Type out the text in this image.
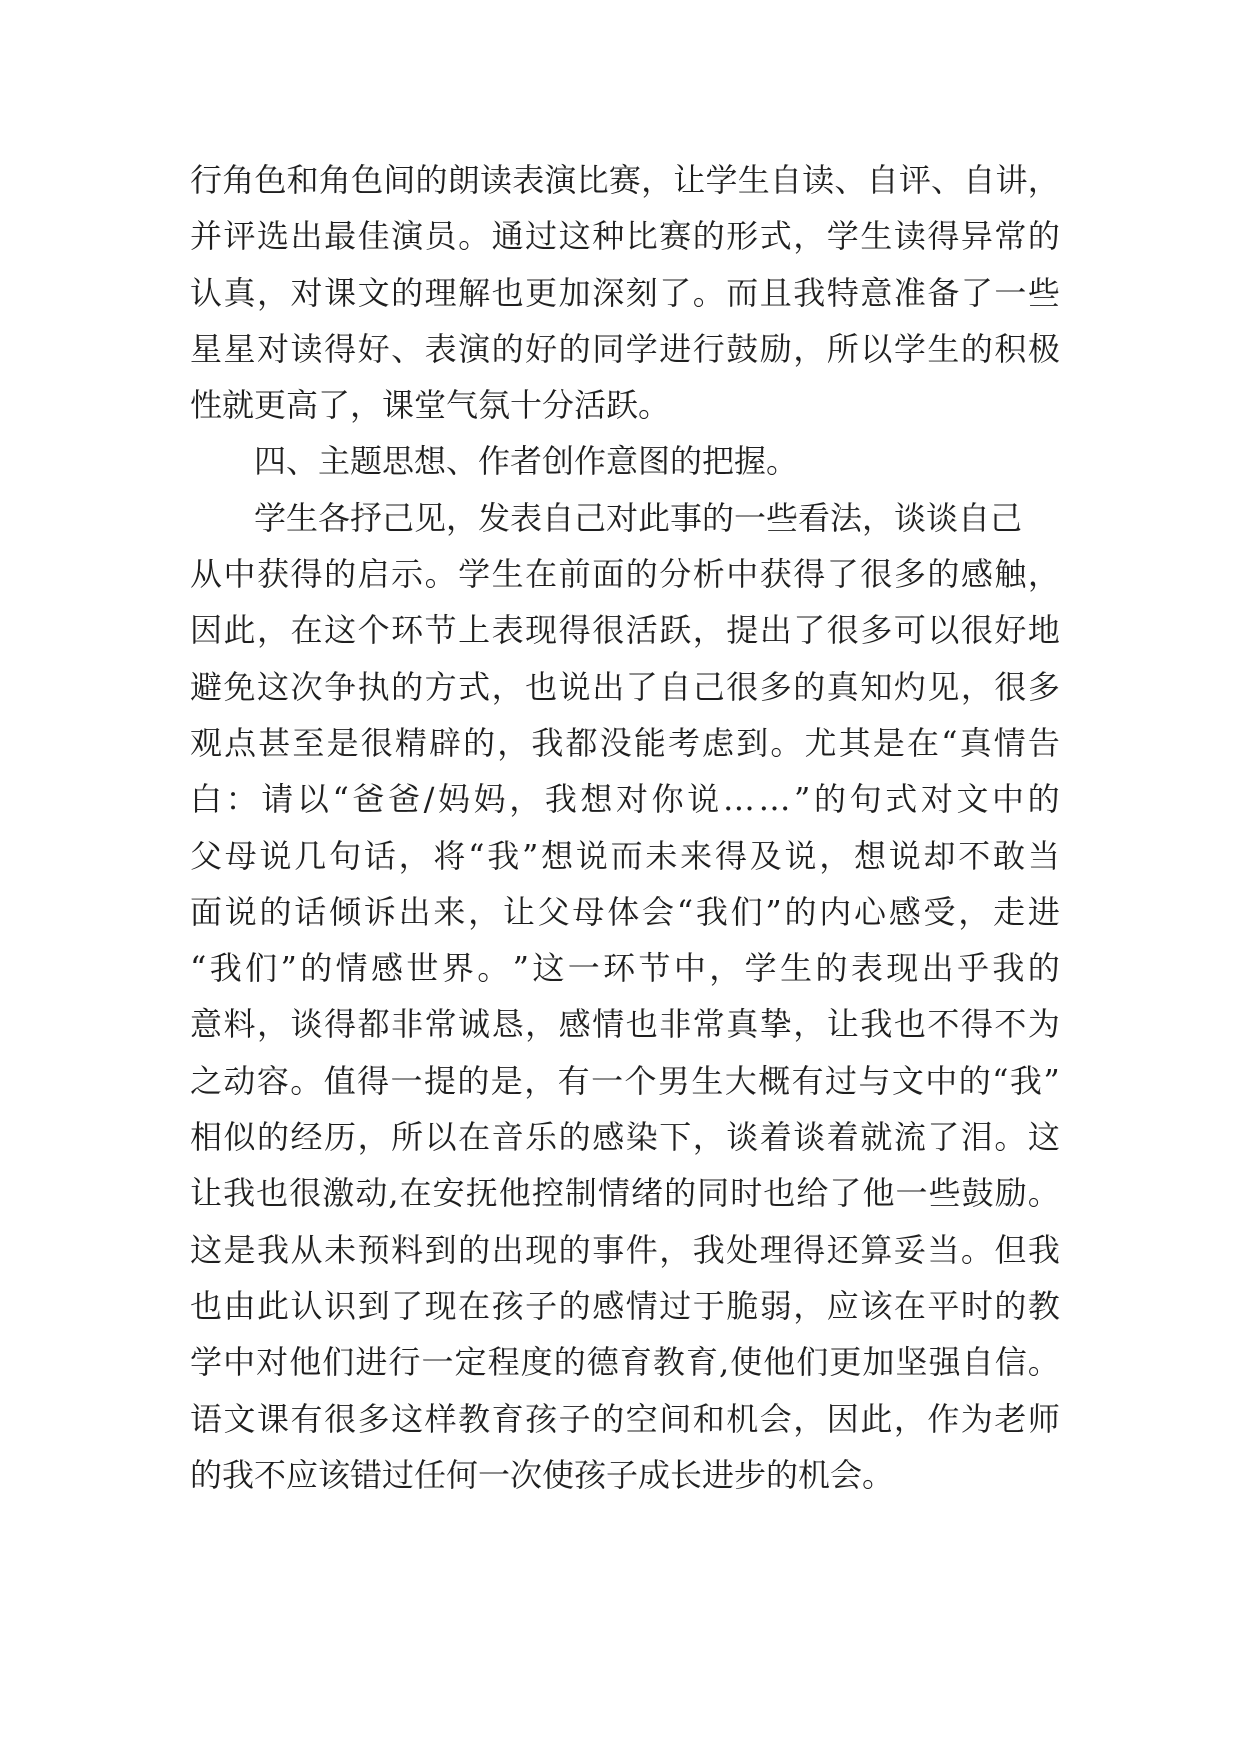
行 角 色 和 角 色 间 的 朗 读 表 演 比 赛 ， 让 学 生 自 读 、 自 评 、 自 讲 ，
并 评 选 出 最 佳 演 员 。 通 过 这 种 比 赛 的 形 式 ， 学 生 读 得 异 常 的
认 真 ， 对 课 文 的 理 解 也 更 加 深 刻 了 。 而 且 我 特 意 准 备 了 一 些
星 星 对 读 得 好 、 表 演 的 好 的 同 学 进 行 鼓 励 ， 所 以 学 生 的 积 极
性就更高了，课堂气氛十分活跃。
四、主题思想、作者创作意图的把握。
学生各抒己见，发表自己对此事的一些看法，谈谈自己
从 中 获 得 的 启 示 。 学 生 在 前 面 的 分 析 中 获 得 了 很 多 的 感 触 ，
因 此 ， 在 这 个 环 节 上 表 现 得 很 活 跃 ， 提 出 了 很 多 可 以 很 好 地
避 免 这 次 争 执 的 方 式 ， 也 说 出 了 自 己 很 多 的 真 知 灼 见 ， 很 多
观 点 甚 至 是 很 精 辟 的 ， 我 都 没 能 考 虑 到 。 尤 其 是 在 “ 真 情 告
白 ： 请 以 “ 爸 爸 / 妈 妈 ， 我 想 对 你 说 … … ” 的 句 式 对 文 中 的
父 母 说 几 句 话 ， 将 “ 我 ” 想 说 而 未 来 得 及 说 ， 想 说 却 不 敢 当
面 说 的 话 倾 诉 出 来 ， 让 父 母 体 会 “ 我 们 ” 的 内 心 感 受 ， 走 进
“ 我 们 ” 的 情 感 世 界 。 ” 这 一 环 节 中 ， 学 生 的 表 现 出 乎 我 的
意 料 ， 谈 得 都 非 常 诚 恳 ， 感 情 也 非 常 真 挚 ， 让 我 也 不 得 不 为
之 动 容 。 值 得 一 提 的 是 ， 有 一 个 男 生 大 概 有 过 与 文 中 的 “ 我 ”
相 似 的 经 历 ， 所 以 在 音 乐 的 感 染 下 ， 谈 着 谈 着 就 流 了 泪 。 这
让 我 也 很 激 动 , 在 安 抚 他 控 制 情 绪 的 同 时 也 给 了 他 一 些 鼓 励 。
这 是 我 从 未 预 料 到 的 出 现 的 事 件 ， 我 处 理 得 还 算 妥 当 。 但 我
也 由 此 认 识 到 了 现 在 孩 子 的 感 情 过 于 脆 弱 ， 应 该 在 平 时 的 教
学 中 对 他 们 进 行 一 定 程 度 的 德 育 教 育 , 使 他 们 更 加 坚 强 自 信 。
语 文 课 有 很 多 这 样 教 育 孩 子 的 空 间 和 机 会 ， 因 此 ， 作 为 老 师
的我不应该错过任何一次使孩子成长进步的机会。
